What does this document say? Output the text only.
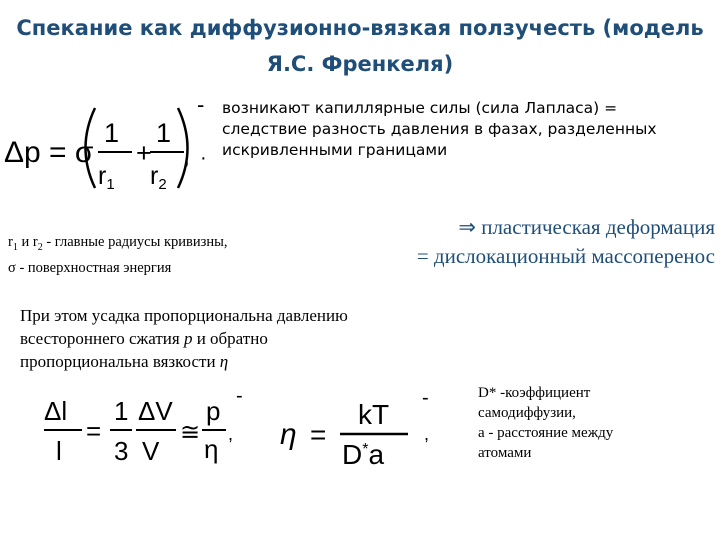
Спекание как диффузионно-вязкая ползучесть (модель
Я.С. Френкеля)
Δp = σ
1
$r_1$
+
1
$r_2$
,
-
·
возникают капиллярные силы (сила Лапласа) =
следствие разность давления в фазах, разделенных
искривленными границами
$r_1$ и $r_2$ - главные радиусы кривизны,
σ - поверхностная энергия
⇒ пластическая деформация
= дислокационный массоперенос
При этом усадка пропорциональна давлению
всестороннего сжатия p и обратно
пропорциональна вязкости η
Δl
l
=
1
3
ΔV
V
≅
p
η ,
-
η =
kT
D*a
,
-	D* -коэффициент
самодиффузии,
а - расстояние между
атомами
